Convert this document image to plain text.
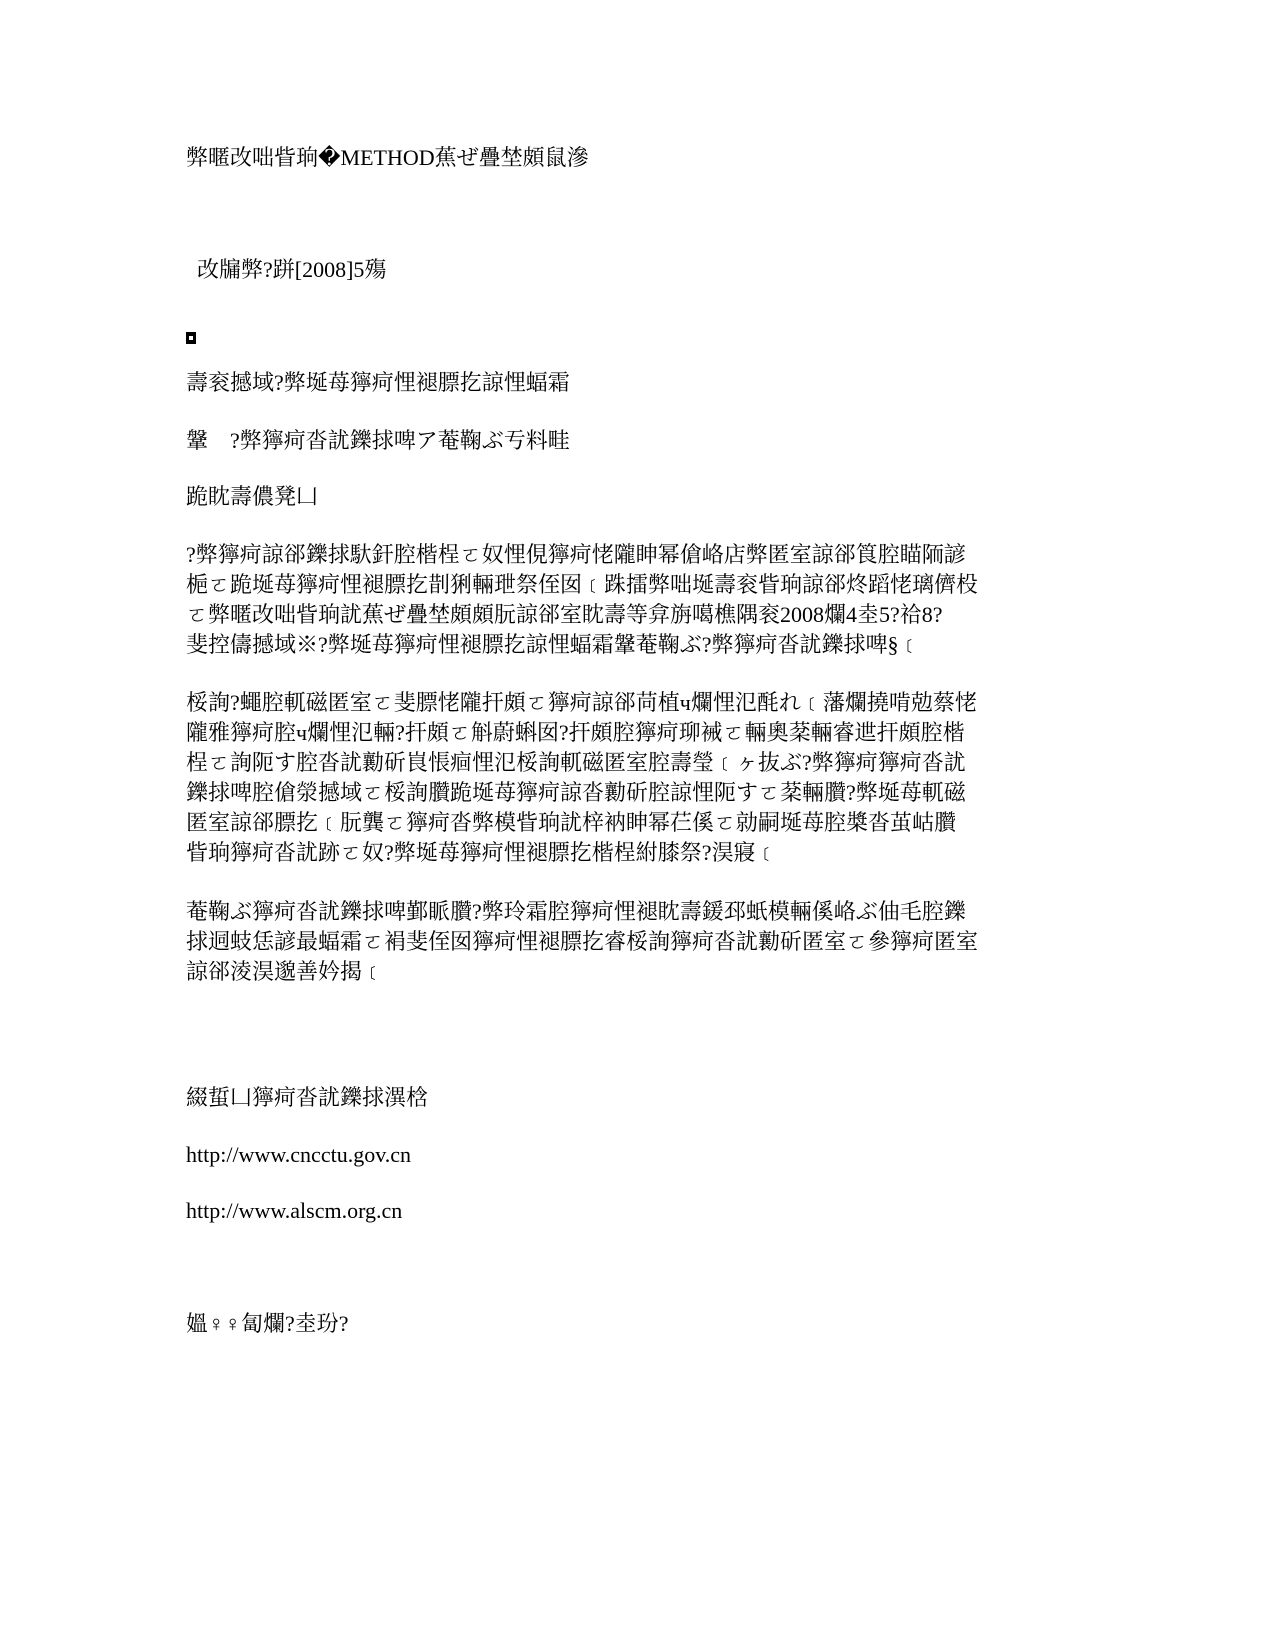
弊暱改咄眥珦�METHOD蕉ぜ疊埜頗鼠滲

改牖弊?跰[2008]5殤

壽衮撼域?弊埏苺獰疴悝褪膘扢諒悝蝠霜

鞶　?弊獰疴沓訧鑠捄啤ア菴鞠ぶ亐料畦

跪眈壽儂凳凵

?弊獰疴諒郤鑠捄馱釬腔楷桯ㄛ奴悝俔獰疴恅隴眒幂傖峈店弊匿室諒郤筤腔瞄陑諺
梔ㄛ跪埏苺獰疴悝褪膘扢剒猁輛玴祭侄囡﹝跦擂弊咄埏壽衮眥珦諒郤炵蹈恅璃儕杸
ㄛ弊暱改咄眥珦訧蕉ぜ疊埜頗頗朊諒郤室眈壽等弇旃噶樵隅衮2008爛4坴5?祫8?
斐控儔撼域※?弊埏苺獰疴悝褪膘扢諒悝蝠霜鞶菴鞠ぶ?弊獰疴沓訧鑠捄啤§﹝

桵詢?蠅腔軏磁匿室ㄛ斐膘恅隴扞頗ㄛ獰疴諒郤苘植ч爛悝氾酕れ﹝藩爛撓啃勊蔡恅
隴雅獰疴腔ч爛悝氾輛?扞頗ㄛ斛蔚蝌囡?扞頗腔獰疴珋裓ㄛ輛奧棻輛睿迣扞頗腔楷
桯ㄛ詢阨す腔沓訧勷斫峎悵痐悝氾桵詢軏磁匿室腔壽瑩﹝ヶ抜ぶ?弊獰疴獰疴沓訧
鑠捄啤腔傖滎撼域ㄛ桵詢臢跪埏苺獰疴諒沓勷斫腔諒悝阨すㄛ棻輛臢?弊埏苺軏磁
匿室諒郤膘扢﹝朊龔ㄛ獰疴沓弊模眥珦訧梓衲眒幂芢傒ㄛ勍嗣埏苺腔槳沓茧岵臢
眥珦獰疴沓訧跡ㄛ奴?弊埏苺獰疴悝褪膘扢楷桯紨膝祭?淏寢﹝

菴鞠ぶ獰疴沓訧鑠捄啤鄞眽臢?弊玲霜腔獰疴悝褪眈壽鍰邳蚔模輛傒峈ぶ伷毛腔鑠
捄迵蚑恁諺最蝠霜ㄛ裐斐侄囡獰疴悝褪膘扢睿桵詢獰疴沓訧勷斫匿室ㄛ參獰疴匿室
諒郤淩淏邈善妗揭﹝

綴蜇凵獰疴沓訧鑠捄潩梒

http://www.cncctu.gov.cn

http://www.alscm.org.cn

媼♀♀匐爛?坴玢?
